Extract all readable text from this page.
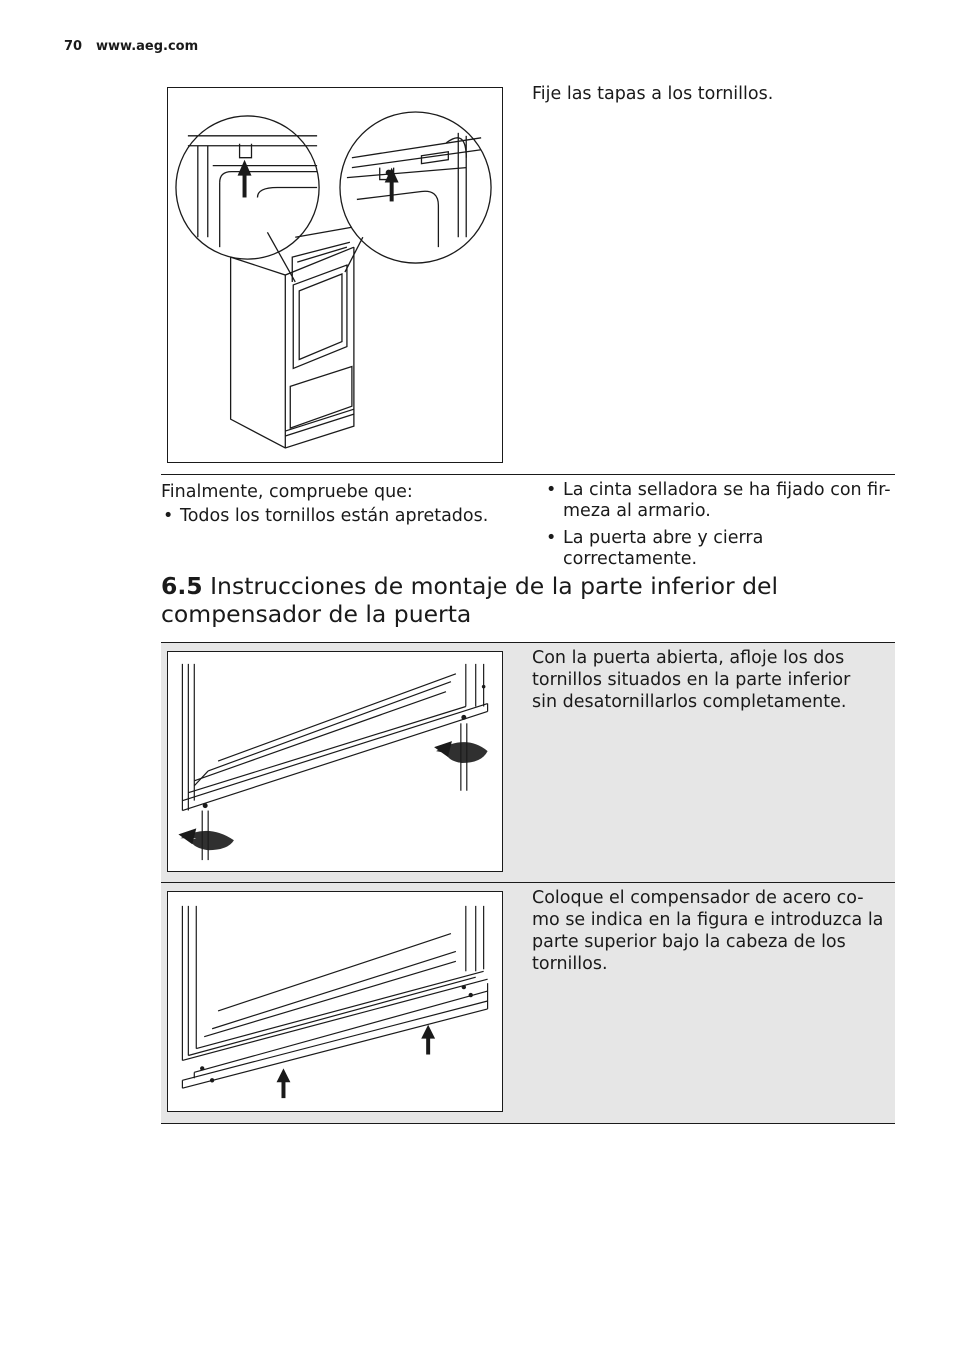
70 www.aeg.com
Fije las tapas a los tornillos.
Finalmente, compruebe que:
• Todos los tornillos están apretados.
• La cinta selladora se ha fijado con fir-
meza al armario.
• La puerta abre y cierra correctamente.
6.5 Instrucciones de montaje de la parte inferior del compensador de la puerta
Con la puerta abierta, afloje los dos tornillos situados en la parte inferior sin desatornillarlos completamente.
Coloque el compensador de acero co-mo se indica en la figura e introduzca la parte superior bajo la cabeza de los tornillos.
